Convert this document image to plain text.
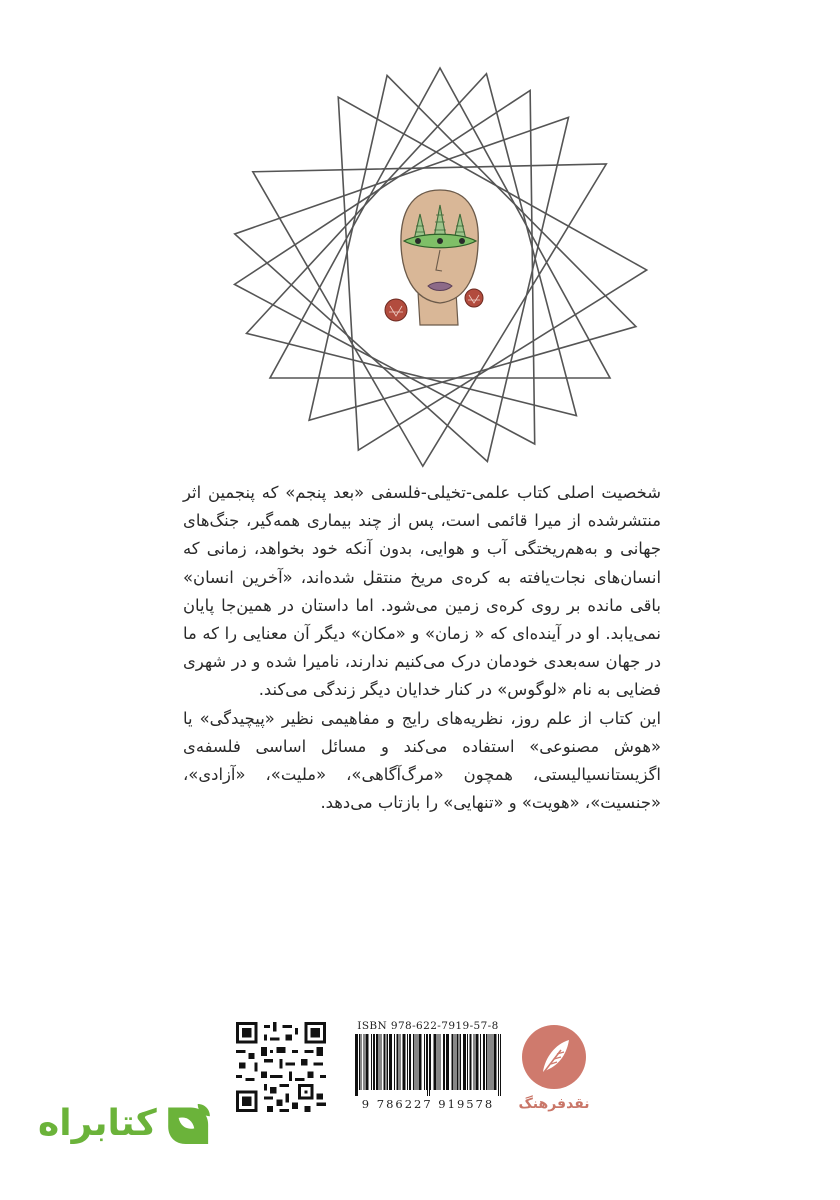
شخصیت اصلی کتاب علمی-تخیلی-فلسفی «بعد پنجم» که پنجمین اثر منتشرشده از میرا قائمی است، پس از چند بیماری همه‌گیر، جنگ‌های جهانی و به‌هم‌ریختگی آب و هوایی، بدون آنکه خود بخواهد، زمانی که انسان‌های نجات‌یافته به کره‌ی مریخ منتقل شده‌اند، «آخرین انسان» باقی مانده بر روی کره‌ی زمین می‌شود. اما داستان در همین‌جا پایان نمی‌یابد. او در آینده‌ای که « زمان» و «مکان» دیگر آن معنایی را که ما در جهان سه‌بعدی خودمان درک می‌کنیم ندارند، نامیرا شده و در شهری فضایی به نام «لوگوس» در کنار خدایان دیگر زندگی می‌کند.

این کتاب از علم روز، نظریه‌های رایج و مفاهیمی نظیر «پیچیدگی» یا «هوش مصنوعی» استفاده می‌کند و مسائل اساسی فلسفه‌ی اگزیستانسیالیستی، همچون «مرگ‌آگاهی»، «ملیت»، «آزادی»، «جنسیت»، «هویت» و «تنهایی» را بازتاب می‌دهد.

ISBN 978-622-7919-57-8
9 786227 919578	نقدفرهنگ
کتابراه
